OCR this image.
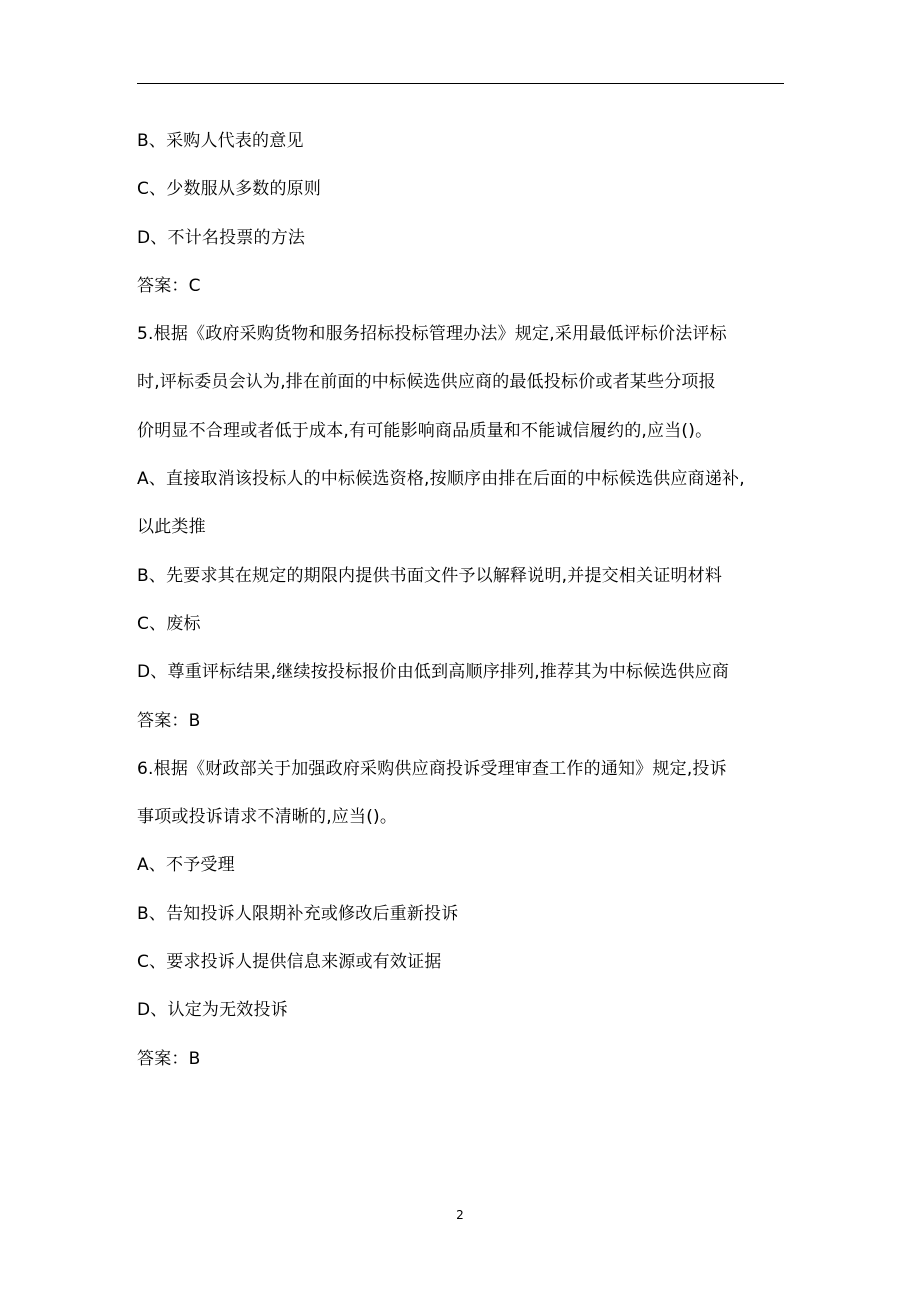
B、采购人代表的意见
C、少数服从多数的原则
D、不计名投票的方法
答案：C
5.根据《政府采购货物和服务招标投标管理办法》规定,采用最低评标价法评标
时,评标委员会认为,排在前面的中标候选供应商的最低投标价或者某些分项报
价明显不合理或者低于成本,有可能影响商品质量和不能诚信履约的,应当()。
A、直接取消该投标人的中标候选资格,按顺序由排在后面的中标候选供应商递补,
以此类推
B、先要求其在规定的期限内提供书面文件予以解释说明,并提交相关证明材料
C、废标
D、尊重评标结果,继续按投标报价由低到高顺序排列,推荐其为中标候选供应商
答案：B
6.根据《财政部关于加强政府采购供应商投诉受理审查工作的通知》规定,投诉
事项或投诉请求不清晰的,应当()。
A、不予受理
B、告知投诉人限期补充或修改后重新投诉
C、要求投诉人提供信息来源或有效证据
D、认定为无效投诉
答案：B
2
